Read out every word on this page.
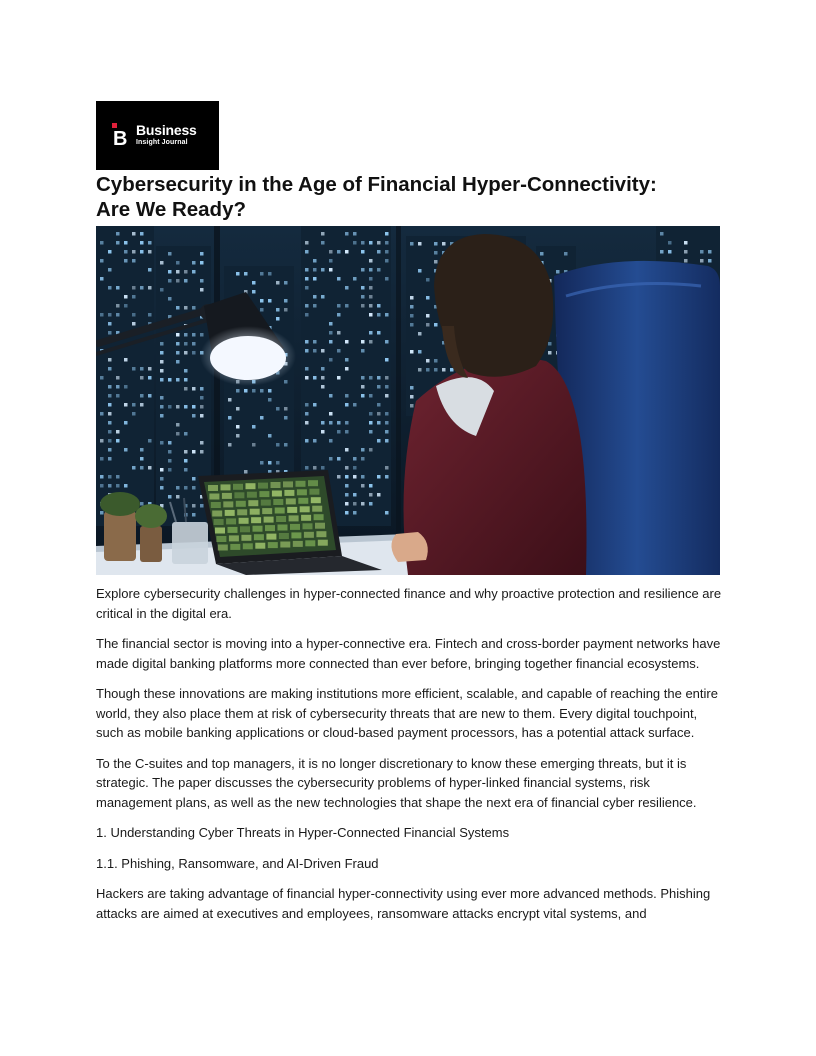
B Business
Insight Journal
Cybersecurity in the Age of Financial Hyper-Connectivity:
Are We Ready?

Explore cybersecurity challenges in hyper-connected finance and why proactive protection and resilience are critical in the digital era.

The financial sector is moving into a hyper-connective era. Fintech and cross-border payment networks have made digital banking platforms more connected than ever before, bringing together financial ecosystems.

Though these innovations are making institutions more efficient, scalable, and capable of reaching the entire world, they also place them at risk of cybersecurity threats that are new to them. Every digital touchpoint, such as mobile banking applications or cloud-based payment processors, has a potential attack surface.

To the C-suites and top managers, it is no longer discretionary to know these emerging threats, but it is strategic. The paper discusses the cybersecurity problems of hyper-linked financial systems, risk management plans, as well as the new technologies that shape the next era of financial cyber resilience.

1. Understanding Cyber Threats in Hyper-Connected Financial Systems

1.1. Phishing, Ransomware, and AI-Driven Fraud

Hackers are taking advantage of financial hyper-connectivity using ever more advanced methods. Phishing attacks are aimed at executives and employees, ransomware attacks encrypt vital systems, and
